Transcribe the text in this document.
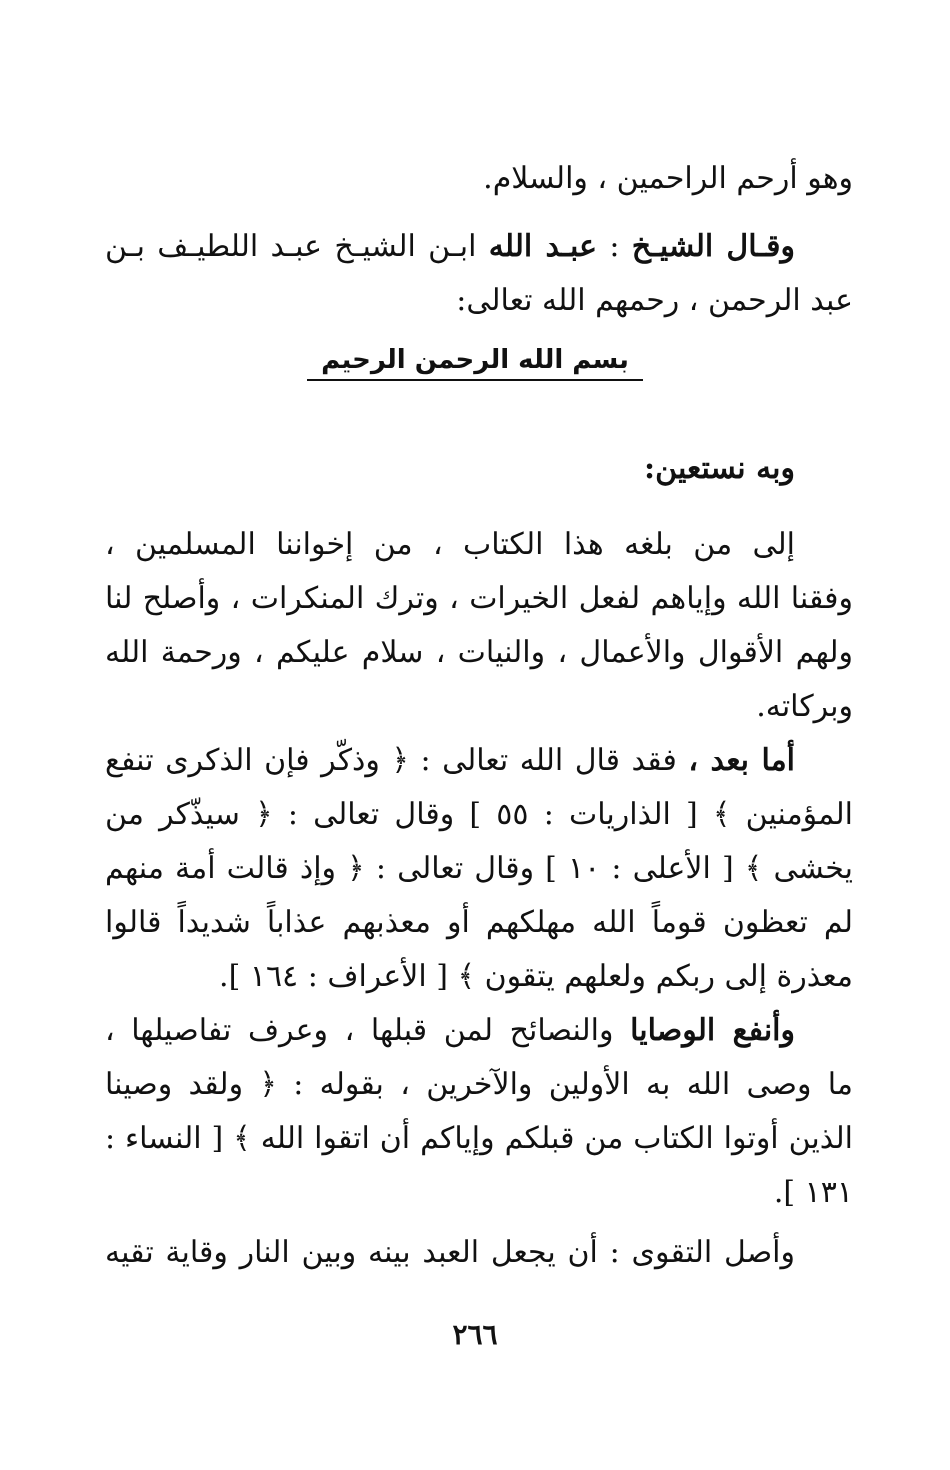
وهو أرحم الراحمين ، والسلام.
وقـال الشيـخ : عبـد الله ابـن الشيـخ عبـد اللطيـف بـن
عبد الرحمن ، رحمهم الله تعالى:
بسم الله الرحمن الرحيم
وبه نستعين:
إلى من بلغه هذا الكتاب ، من إخواننا المسلمين ،
وفقنا الله وإياهم لفعل الخيرات ، وترك المنكرات ، وأصلح لنا
ولهم الأقوال والأعمال ، والنيات ، سلام عليكم ، ورحمة الله
وبركاته.
أما بعد ، فقد قال الله تعالى : ﴿ وذكّر فإن الذكرى تنفع
المؤمنين ﴾ [ الذاريات : ٥٥ ] وقال تعالى : ﴿ سيذّكر من
يخشى ﴾ [ الأعلى : ١٠ ] وقال تعالى : ﴿ وإذ قالت أمة منهم
لم تعظون قوماً الله مهلكهم أو معذبهم عذاباً شديداً قالوا
معذرة إلى ربكم ولعلهم يتقون ﴾ [ الأعراف : ١٦٤ ].
وأنفع الوصايا والنصائح لمن قبلها ، وعرف تفاصيلها ،
ما وصى الله به الأولين والآخرين ، بقوله : ﴿ ولقد وصينا
الذين أوتوا الكتاب من قبلكم وإياكم أن اتقوا الله ﴾ [ النساء :
١٣١ ].
وأصل التقوى : أن يجعل العبد بينه وبين النار وقاية تقيه
٢٦٦
